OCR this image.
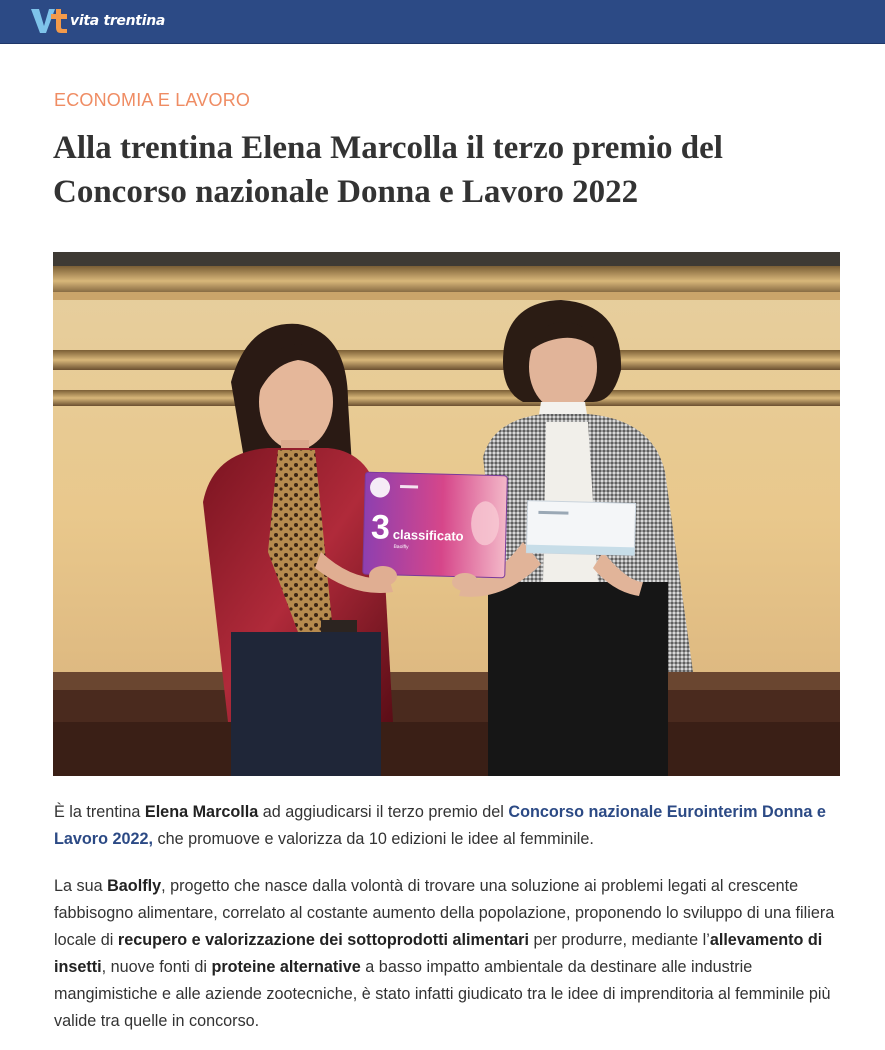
vita trentina
ECONOMIA E LAVORO
Alla trentina Elena Marcolla il terzo premio del Concorso nazionale Donna e Lavoro 2022
3 classificato
Baolfly

È la trentina Elena Marcolla ad aggiudicarsi il terzo premio del Concorso nazionale Eurointerim Donna e Lavoro 2022, che promuove e valorizza da 10 edizioni le idee al femminile.

La sua Baolfly, progetto che nasce dalla volontà di trovare una soluzione ai problemi legati al crescente fabbisogno alimentare, correlato al costante aumento della popolazione, proponendo lo sviluppo di una filiera locale di recupero e valorizzazione dei sottoprodotti alimentari per produrre, mediante l’allevamento di insetti, nuove fonti di proteine alternative a basso impatto ambientale da destinare alle industrie mangimistiche e alle aziende zootecniche, è stato infatti giudicato tra le idee di imprenditoria al femminile più valide tra quelle in concorso.
